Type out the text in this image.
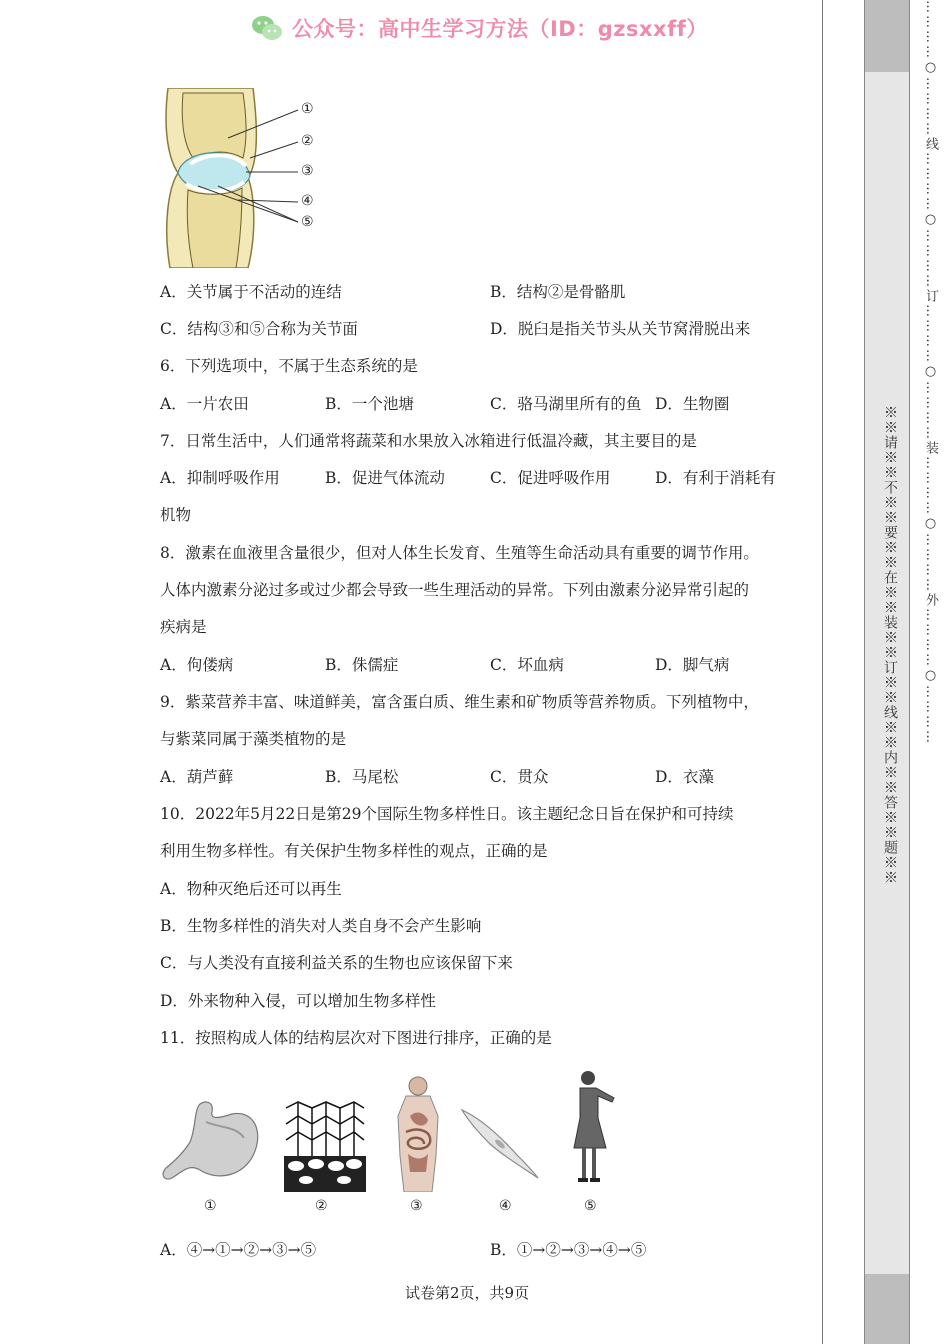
公众号：高中生学习方法（ID：gzsxxff）
①
②
③
④
⑤
A．关节属于不活动的连结	B．结构②是骨骼肌
C．结构③和⑤合称为关节面	D．脱臼是指关节头从关节窝滑脱出来
6．下列选项中，不属于生态系统的是
A．一片农田	B．一个池塘	C．骆马湖里所有的鱼 D．生物圈
7．日常生活中，人们通常将蔬菜和水果放入冰箱进行低温冷藏，其主要目的是
A．抑制呼吸作用	B．促进气体流动	C．促进呼吸作用	D．有利于消耗有
机物
8．激素在血液里含量很少，但对人体生长发育、生殖等生命活动具有重要的调节作用。
人体内激素分泌过多或过少都会导致一些生理活动的异常。下列由激素分泌异常引起的
疾病是
A．佝偻病	B．侏儒症	C．坏血病	D．脚气病
9．紫菜营养丰富、味道鲜美，富含蛋白质、维生素和矿物质等营养物质。下列植物中，
与紫菜同属于藻类植物的是
A．葫芦藓	B．马尾松	C．贯众	D．衣藻
10．2022年5月22日是第29个国际生物多样性日。该主题纪念日旨在保护和可持续
利用生物多样性。有关保护生物多样性的观点，正确的是
A．物种灭绝后还可以再生
B．生物多样性的消失对人类自身不会产生影响
C．与人类没有直接利益关系的生物也应该保留下来
D．外来物种入侵，可以增加生物多样性
11．按照构成人体的结构层次对下图进行排序，正确的是
①	②	③	④	⑤
A．④→①→②→③→⑤	B．①→②→③→④→⑤
试卷第2页，共9页
※※请※※不※※要※※在※※装※※订※※线※※内※※答※※题※※ …………○…………线…………○…………订…………○…………装…………○…………外…………○…………
